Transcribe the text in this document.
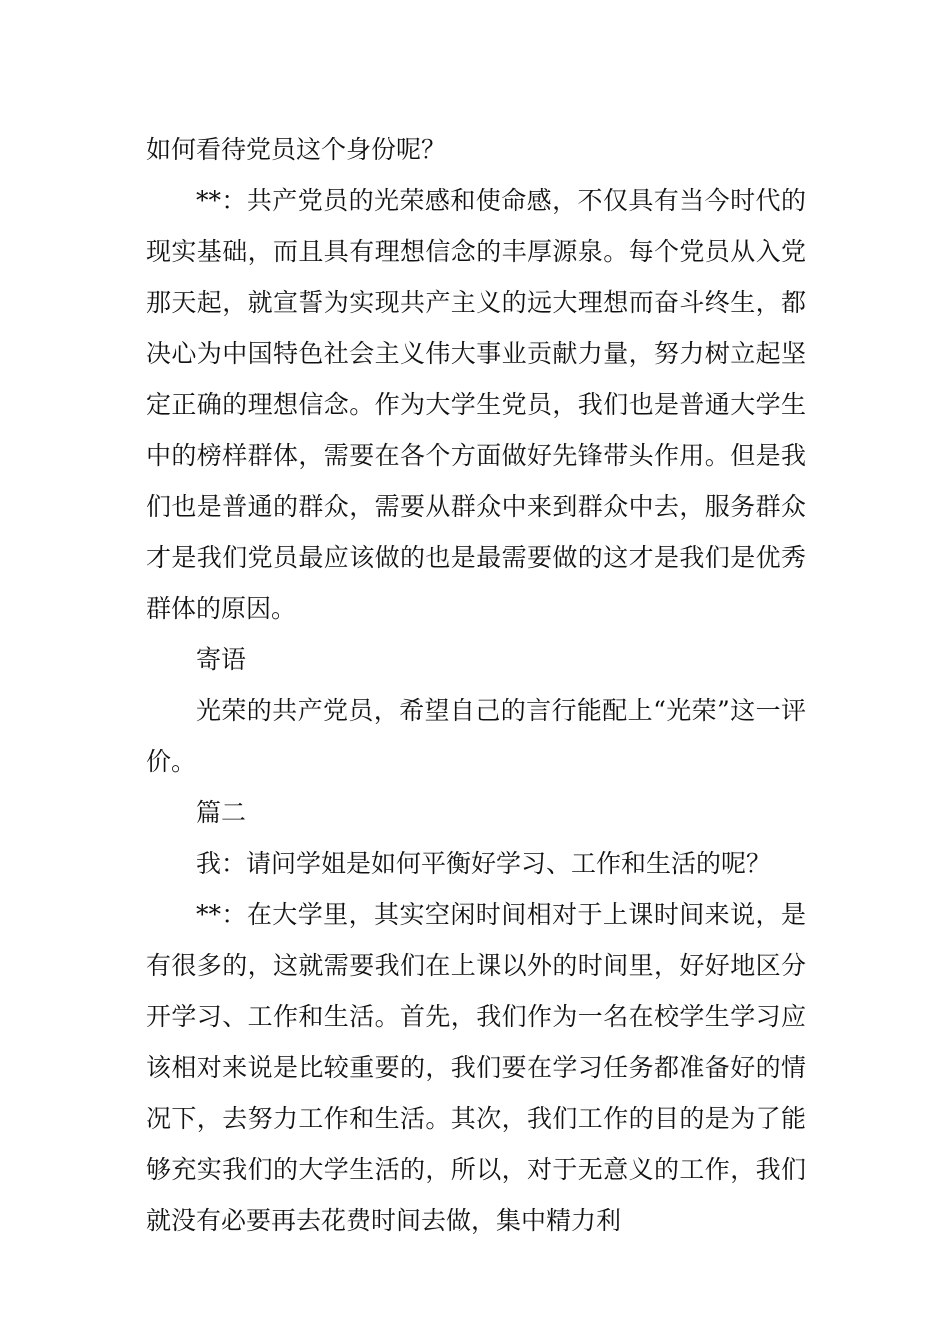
如何看待党员这个身份呢？

**：共产党员的光荣感和使命感，不仅具有当今时代的现实基础，而且具有理想信念的丰厚源泉。每个党员从入党那天起，就宣誓为实现共产主义的远大理想而奋斗终生，都决心为中国特色社会主义伟大事业贡献力量，努力树立起坚定正确的理想信念。作为大学生党员，我们也是普通大学生中的榜样群体，需要在各个方面做好先锋带头作用。但是我们也是普通的群众，需要从群众中来到群众中去，服务群众才是我们党员最应该做的也是最需要做的这才是我们是优秀群体的原因。

寄语

光荣的共产党员，希望自己的言行能配上“光荣”这一评价。

篇二

我：请问学姐是如何平衡好学习、工作和生活的呢？

**：在大学里，其实空闲时间相对于上课时间来说，是有很多的，这就需要我们在上课以外的时间里，好好地区分开学习、工作和生活。首先，我们作为一名在校学生学习应该相对来说是比较重要的，我们要在学习任务都准备好的情况下，去努力工作和生活。其次，我们工作的目的是为了能够充实我们的大学生活的，所以，对于无意义的工作，我们就没有必要再去花费时间去做，集中精力利
